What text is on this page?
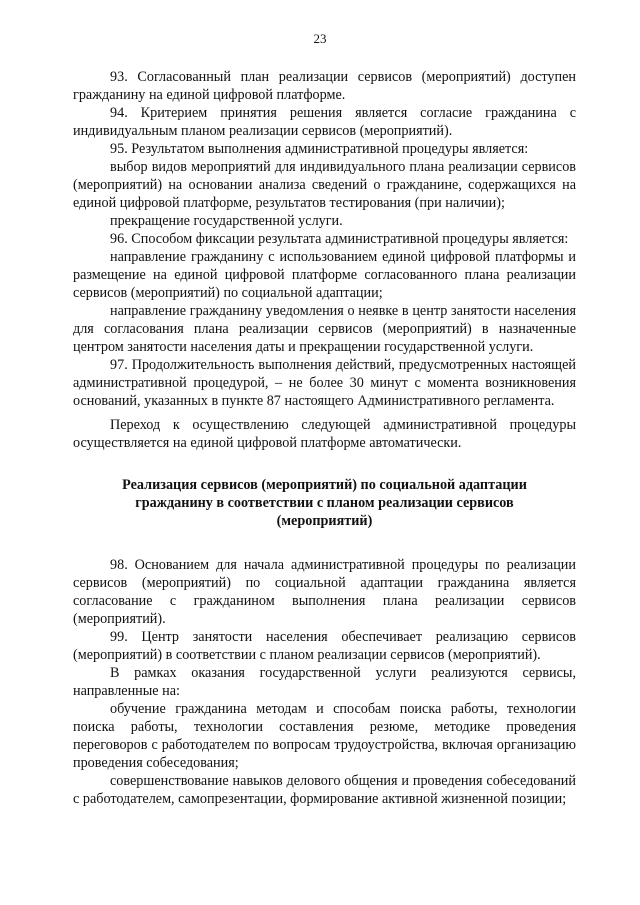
23

93. Согласованный план реализации сервисов (мероприятий) доступен гражданину на единой цифровой платформе.

94. Критерием принятия решения является согласие гражданина с индивидуальным планом реализации сервисов (мероприятий).

95. Результатом выполнения административной процедуры является:

выбор видов мероприятий для индивидуального плана реализации сервисов (мероприятий) на основании анализа сведений о гражданине, содержащихся на единой цифровой платформе, результатов тестирования (при наличии);

прекращение государственной услуги.

96. Способом фиксации результата административной процедуры является:

направление гражданину с использованием единой цифровой платформы и размещение на единой цифровой платформе согласованного плана реализации сервисов (мероприятий) по социальной адаптации;

направление гражданину уведомления о неявке в центр занятости населения для согласования плана реализации сервисов (мероприятий) в назначенные центром занятости населения даты и прекращении государственной услуги.

97. Продолжительность выполнения действий, предусмотренных настоящей административной процедурой, – не более 30 минут с момента возникновения оснований, указанных в пункте 87 настоящего Административного регламента.

Переход к осуществлению следующей административной процедуры осуществляется на единой цифровой платформе автоматически.

Реализация сервисов (мероприятий) по социальной адаптации гражданину в соответствии с планом реализации сервисов (мероприятий)

98. Основанием для начала административной процедуры по реализации сервисов (мероприятий) по социальной адаптации гражданина является согласование с гражданином выполнения плана реализации сервисов (мероприятий).

99. Центр занятости населения обеспечивает реализацию сервисов (мероприятий) в соответствии с планом реализации сервисов (мероприятий).

В рамках оказания государственной услуги реализуются сервисы, направленные на:

обучение гражданина методам и способам поиска работы, технологии поиска работы, технологии составления резюме, методике проведения переговоров с работодателем по вопросам трудоустройства, включая организацию проведения собеседования;

совершенствование навыков делового общения и проведения собеседований с работодателем, самопрезентации, формирование активной жизненной позиции;
